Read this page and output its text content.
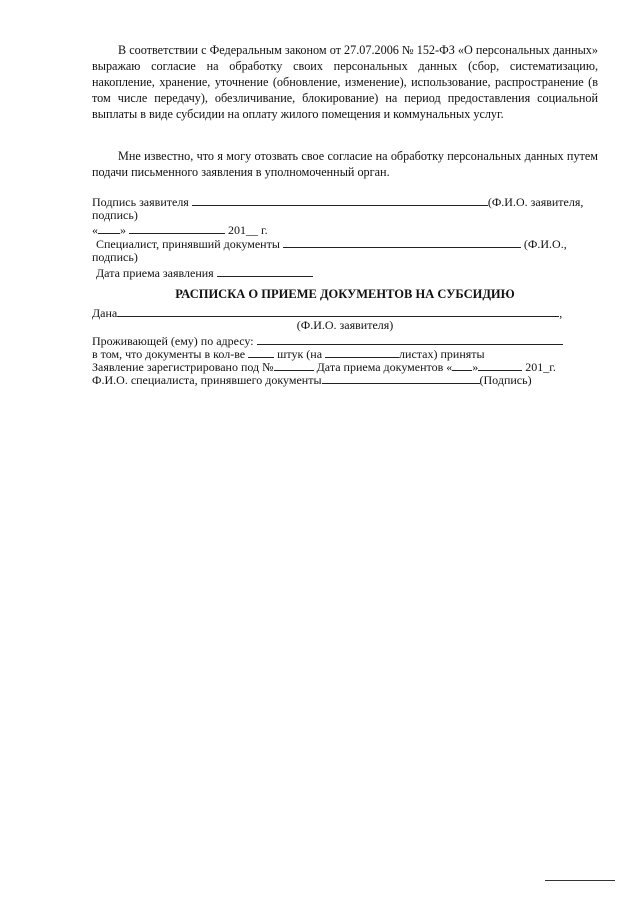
В соответствии с Федеральным законом от 27.07.2006 № 152-ФЗ «О персональных данных» выражаю согласие на обработку своих персональных данных (сбор, систематизацию, накопление, хранение, уточнение (обновление, изменение), использование, распространение (в том числе передачу), обезличивание, блокирование) на период предоставления социальной выплаты в виде субсидии на оплату жилого помещения и коммунальных услуг.

Мне известно, что я могу отозвать свое согласие на обработку персональных данных путем подачи письменного заявления в уполномоченный орган.

Подпись заявителя	(Ф.И.О. заявителя,

подпись)

« »	201__ г.

Специалист, принявший документы	(Ф.И.О.,

подпись)

Дата приема заявления

РАСПИСКА О ПРИЕМЕ ДОКУМЕНТОВ НА СУБСИДИЮ

Дана	,

(Ф.И.О. заявителя)

Проживающей (ему) по адресу:

в том, что документы в кол-ве	штук (на	листах) приняты

Заявление зарегистрировано под №	Дата приема документов « »	201_г.

Ф.И.О. специалиста, принявшего документы	(Подпись)
